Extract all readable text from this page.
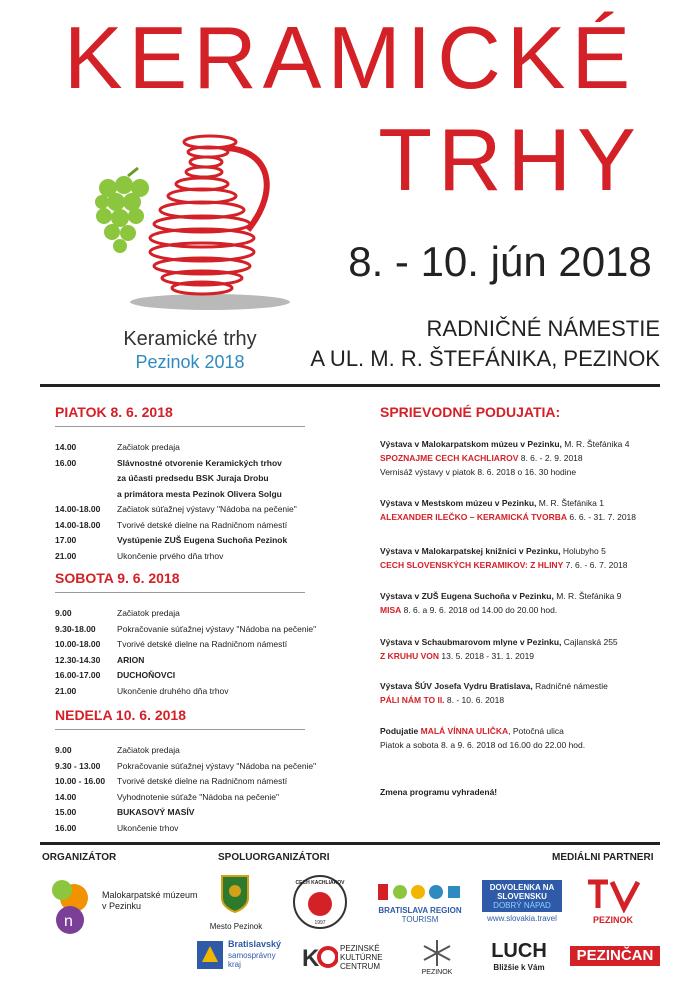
KERAMICKÉ
TRHY
8. - 10. jún 2018
RADNIČNÉ NÁMESTIE
A UL. M. R. ŠTEFÁNIKA, PEZINOK
Keramické trhy
Pezinok 2018
PIATOK 8. 6. 2018
14.00	Začiatok predaja
16.00	Slávnostné otvorenie Keramických trhov
za účasti predsedu BSK Juraja Drobu
a primátora mesta Pezinok Olivera Solgu
14.00-18.00 Začiatok súťažnej výstavy "Nádoba na pečenie"
14.00-18.00 Tvorivé detské dielne na Radničnom námestí
17.00	Vystúpenie ZUŠ Eugena Suchoňa Pezinok
21.00	Ukončenie prvého dňa trhov
SOBOTA 9. 6. 2018
9.00	Začiatok predaja
9.30-18.00	Pokračovanie súťažnej výstavy "Nádoba na pečenie"
10.00-18.00 Tvorivé detské dielne na Radničnom námestí
12.30-14.30 ARION
16.00-17.00 DUCHOŇOVCI
21.00	Ukončenie druhého dňa trhov
NEDEĽA 10. 6. 2018
9.00	Začiatok predaja
9.30 - 13.00 Pokračovanie súťažnej výstavy "Nádoba na pečenie"
10.00 - 16.00 Tvorivé detské dielne na Radničnom námestí
14.00	Vyhodnotenie súťaže "Nádoba na pečenie"
15.00	BUKASOVÝ MASÍV
16.00	Ukončenie trhov
SPRIEVODNÉ PODUJATIA:
Výstava v Malokarpatskom múzeu v Pezinku, M. R. Štefánika 4
SPOZNAJME CECH KACHLIAROV 8. 6. - 2. 9. 2018
Vernisáž výstavy v piatok 8. 6. 2018 o 16. 30 hodine
Výstava v Mestskom múzeu v Pezinku, M. R. Štefánika 1
ALEXANDER ILEČKO – KERAMICKÁ TVORBA 6. 6. - 31. 7. 2018
Výstava v Malokarpatskej knižnici v Pezinku, Holubyho 5
CECH SLOVENSKÝCH KERAMIKOV: Z HLINY 7. 6. - 6. 7. 2018
Výstava v ZUŠ Eugena Suchoňa v Pezinku, M. R. Štefánika 9
MISA 8. 6. a 9. 6. 2018 od 14.00 do 20.00 hod.
Výstava v Schaubmarovom mlyne v Pezinku, Cajlanská 255
Z KRUHU VON 13. 5. 2018 - 31. 1. 2019
Výstava ŠÚV Josefa Vydru Bratislava, Radničné námestie
PÁLI NÁM TO II. 8. - 10. 6. 2018
Podujatie MALÁ VÍNNA ULIČKA, Potočná ulica
Piatok a sobota 8. a 9. 6. 2018 od 16.00 do 22.00 hod.
Zmena programu vyhradená!
ORGANIZÁTOR	SPOLUORGANIZÁTORI	MEDIÁLNI PARTNERI
n
Malokarpatské múzeum v Pezinku
Mesto Pezinok
CECH KACHLIAROV
1997
BRATISLAVA REGION
TOURISM
DOVOLENKA NA
SLOVENSKU
DOBRÝ NÁPAD
www.slovakia.travel	PEZINOK
Bratislavský
samosprávny
kraj	K	PEZINSKÉ
KULTÚRNE
CENTRUM
PEZINOK
LUCH
Bližšie k Vám
PEZINČAN
